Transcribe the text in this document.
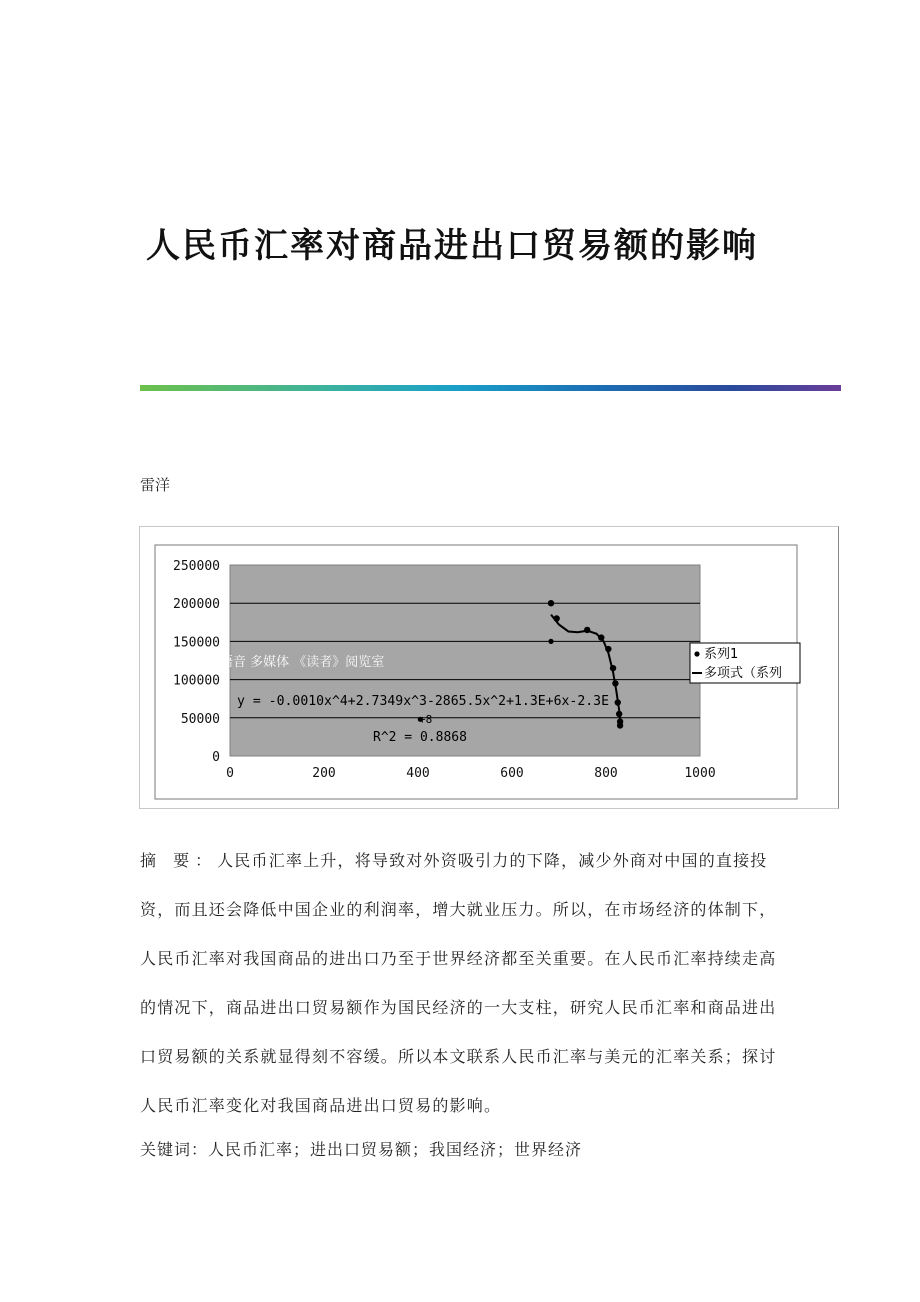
人民币汇率对商品进出口贸易额的影响
雷洋
250000
200000
150000
100000
50000
0
0	200	400	600	800	1000
y = -0.0010x^4+2.7349x^3-2865.5x^2+1.3E+6x-2.3E
R^2 = 0.8868
+8
语音 多媒体 《读者》阅览室
系列1
多项式（系列
摘 要：人民币汇率上升，将导致对外资吸引力的下降，减少外商对中国的直接投资，而且还会降低中国企业的利润率，增大就业压力。所以，在市场经济的体制下，人民币汇率对我国商品的进出口乃至于世界经济都至关重要。在人民币汇率持续走高的情况下，商品进出口贸易额作为国民经济的一大支柱，研究人民币汇率和商品进出口贸易额的关系就显得刻不容缓。所以本文联系人民币汇率与美元的汇率关系；探讨人民币汇率变化对我国商品进出口贸易的影响。
关键词：人民币汇率；进出口贸易额；我国经济；世界经济
